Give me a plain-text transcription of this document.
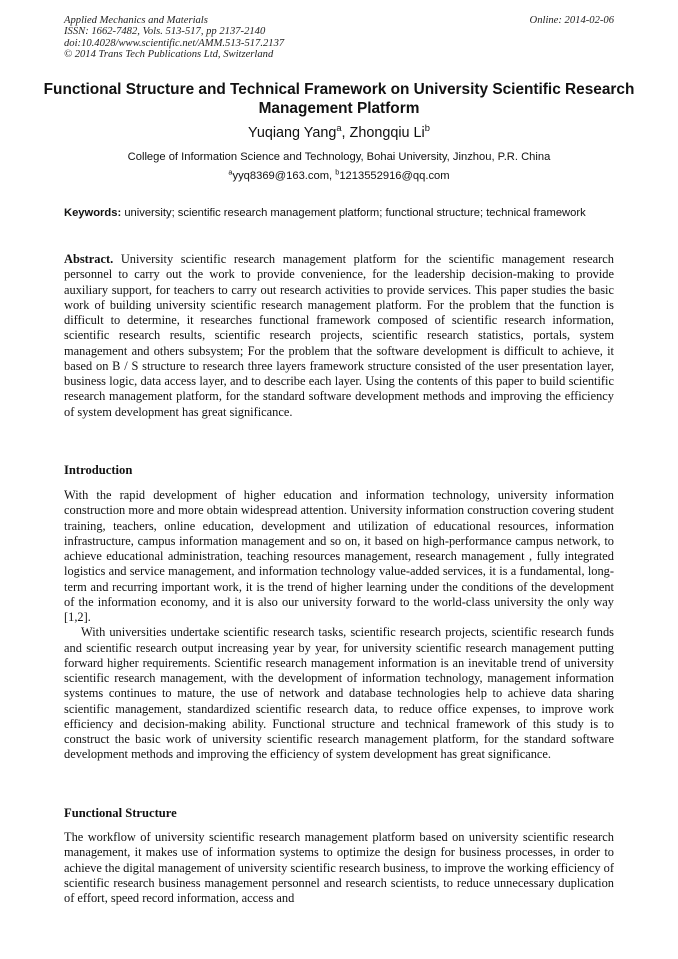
Applied Mechanics and Materials
ISSN: 1662-7482, Vols. 513-517, pp 2137-2140
doi:10.4028/www.scientific.net/AMM.513-517.2137
© 2014 Trans Tech Publications Ltd, Switzerland
Online: 2014-02-06
Functional Structure and Technical Framework on University Scientific Research Management Platform
Yuqiang Yang$^a$, Zhongqiu Li$^b$
College of Information Science and Technology, Bohai University, Jinzhou, P.R. China
$^a$yyq8369@163.com, $^b$1213552916@qq.com
Keywords: university; scientific research management platform; functional structure; technical framework
Abstract. University scientific research management platform for the scientific management research personnel to carry out the work to provide convenience, for the leadership decision-making to provide auxiliary support, for teachers to carry out research activities to provide services. This paper studies the basic work of building university scientific research management platform. For the problem that the function is difficult to determine, it researches functional framework composed of scientific research information, scientific research results, scientific research projects, scientific research statistics, portals, system management and others subsystem; For the problem that the software development is difficult to achieve, it based on B / S structure to research three layers framework structure consisted of the user presentation layer, business logic, data access layer, and to describe each layer. Using the contents of this paper to build scientific research management platform, for the standard software development methods and improving the efficiency of system development has great significance.
Introduction

With the rapid development of higher education and information technology, university information construction more and more obtain widespread attention. University information construction covering student training, teachers, online education, development and utilization of educational resources, information infrastructure, campus information management and so on, it based on high-performance campus network, to achieve educational administration, teaching resources management, research management , fully integrated logistics and service management, and information technology value-added services, it is a fundamental, long-term and recurring important work, it is the trend of higher learning under the conditions of the development of the information economy, and it is also our university forward to the world-class university the only way [1,2].

With universities undertake scientific research tasks, scientific research projects, scientific research funds and scientific research output increasing year by year, for university scientific research management putting forward higher requirements. Scientific research management information is an inevitable trend of university scientific research management, with the development of information technology, management information systems continues to mature, the use of network and database technologies help to achieve data sharing scientific management, standardized scientific research data, to reduce office expenses, to improve work efficiency and decision-making ability. Functional structure and technical framework of this study is to construct the basic work of university scientific research management platform, for the standard software development methods and improving the efficiency of system development has great significance.

Functional Structure

The workflow of university scientific research management platform based on university scientific research management, it makes use of information systems to optimize the design for business processes, in order to achieve the digital management of university scientific research business, to improve the working efficiency of scientific research business management personnel and research scientists, to reduce unnecessary duplication of effort, speed record information, access and
